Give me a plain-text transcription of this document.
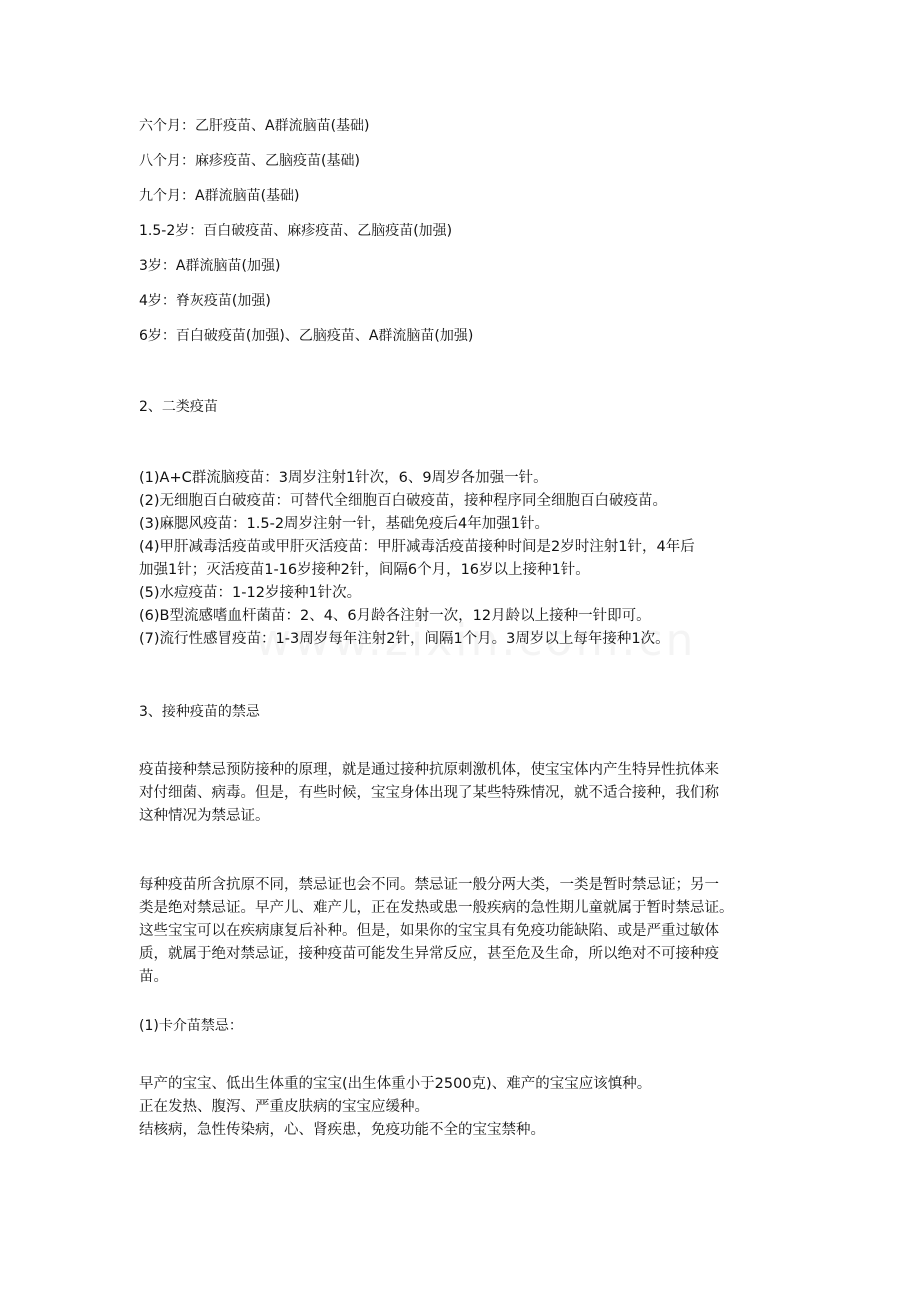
六个月：乙肝疫苗、A群流脑苗(基础)
八个月：麻疹疫苗、乙脑疫苗(基础)
九个月：A群流脑苗(基础)
1.5-2岁：百白破疫苗、麻疹疫苗、乙脑疫苗(加强)
3岁：A群流脑苗(加强)
4岁：脊灰疫苗(加强)
6岁：百白破疫苗(加强)、乙脑疫苗、A群流脑苗(加强)
2、二类疫苗

(1)A+C群流脑疫苗：3周岁注射1针次，6、9周岁各加强一针。

(2)无细胞百白破疫苗：可替代全细胞百白破疫苗，接种程序同全细胞百白破疫苗。

(3)麻腮风疫苗：1.5-2周岁注射一针，基础免疫后4年加强1针。

(4)甲肝减毒活疫苗或甲肝灭活疫苗：甲肝减毒活疫苗接种时间是2岁时注射1针，4年后

加强1针；灭活疫苗1-16岁接种2针，间隔6个月，16岁以上接种1针。

(5)水痘疫苗：1-12岁接种1针次。

(6)B型流感嗜血杆菌苗：2、4、6月龄各注射一次，12月龄以上接种一针即可。

(7)流行性感冒疫苗：1-3周岁每年注射2针，间隔1个月。3周岁以上每年接种1次。

3、接种疫苗的禁忌

疫苗接种禁忌预防接种的原理，就是通过接种抗原刺激机体，使宝宝体内产生特异性抗体来

对付细菌、病毒。但是，有些时候，宝宝身体出现了某些特殊情况，就不适合接种，我们称

这种情况为禁忌证。

每种疫苗所含抗原不同，禁忌证也会不同。禁忌证一般分两大类，一类是暂时禁忌证；另一

类是绝对禁忌证。早产儿、难产儿，正在发热或患一般疾病的急性期儿童就属于暂时禁忌证。

这些宝宝可以在疾病康复后补种。但是，如果你的宝宝具有免疫功能缺陷、或是严重过敏体

质，就属于绝对禁忌证，接种疫苗可能发生异常反应，甚至危及生命，所以绝对不可接种疫

苗。

(1)卡介苗禁忌：

早产的宝宝、低出生体重的宝宝(出生体重小于2500克)、难产的宝宝应该慎种。

正在发热、腹泻、严重皮肤病的宝宝应缓种。

结核病，急性传染病，心、肾疾患，免疫功能不全的宝宝禁种。
